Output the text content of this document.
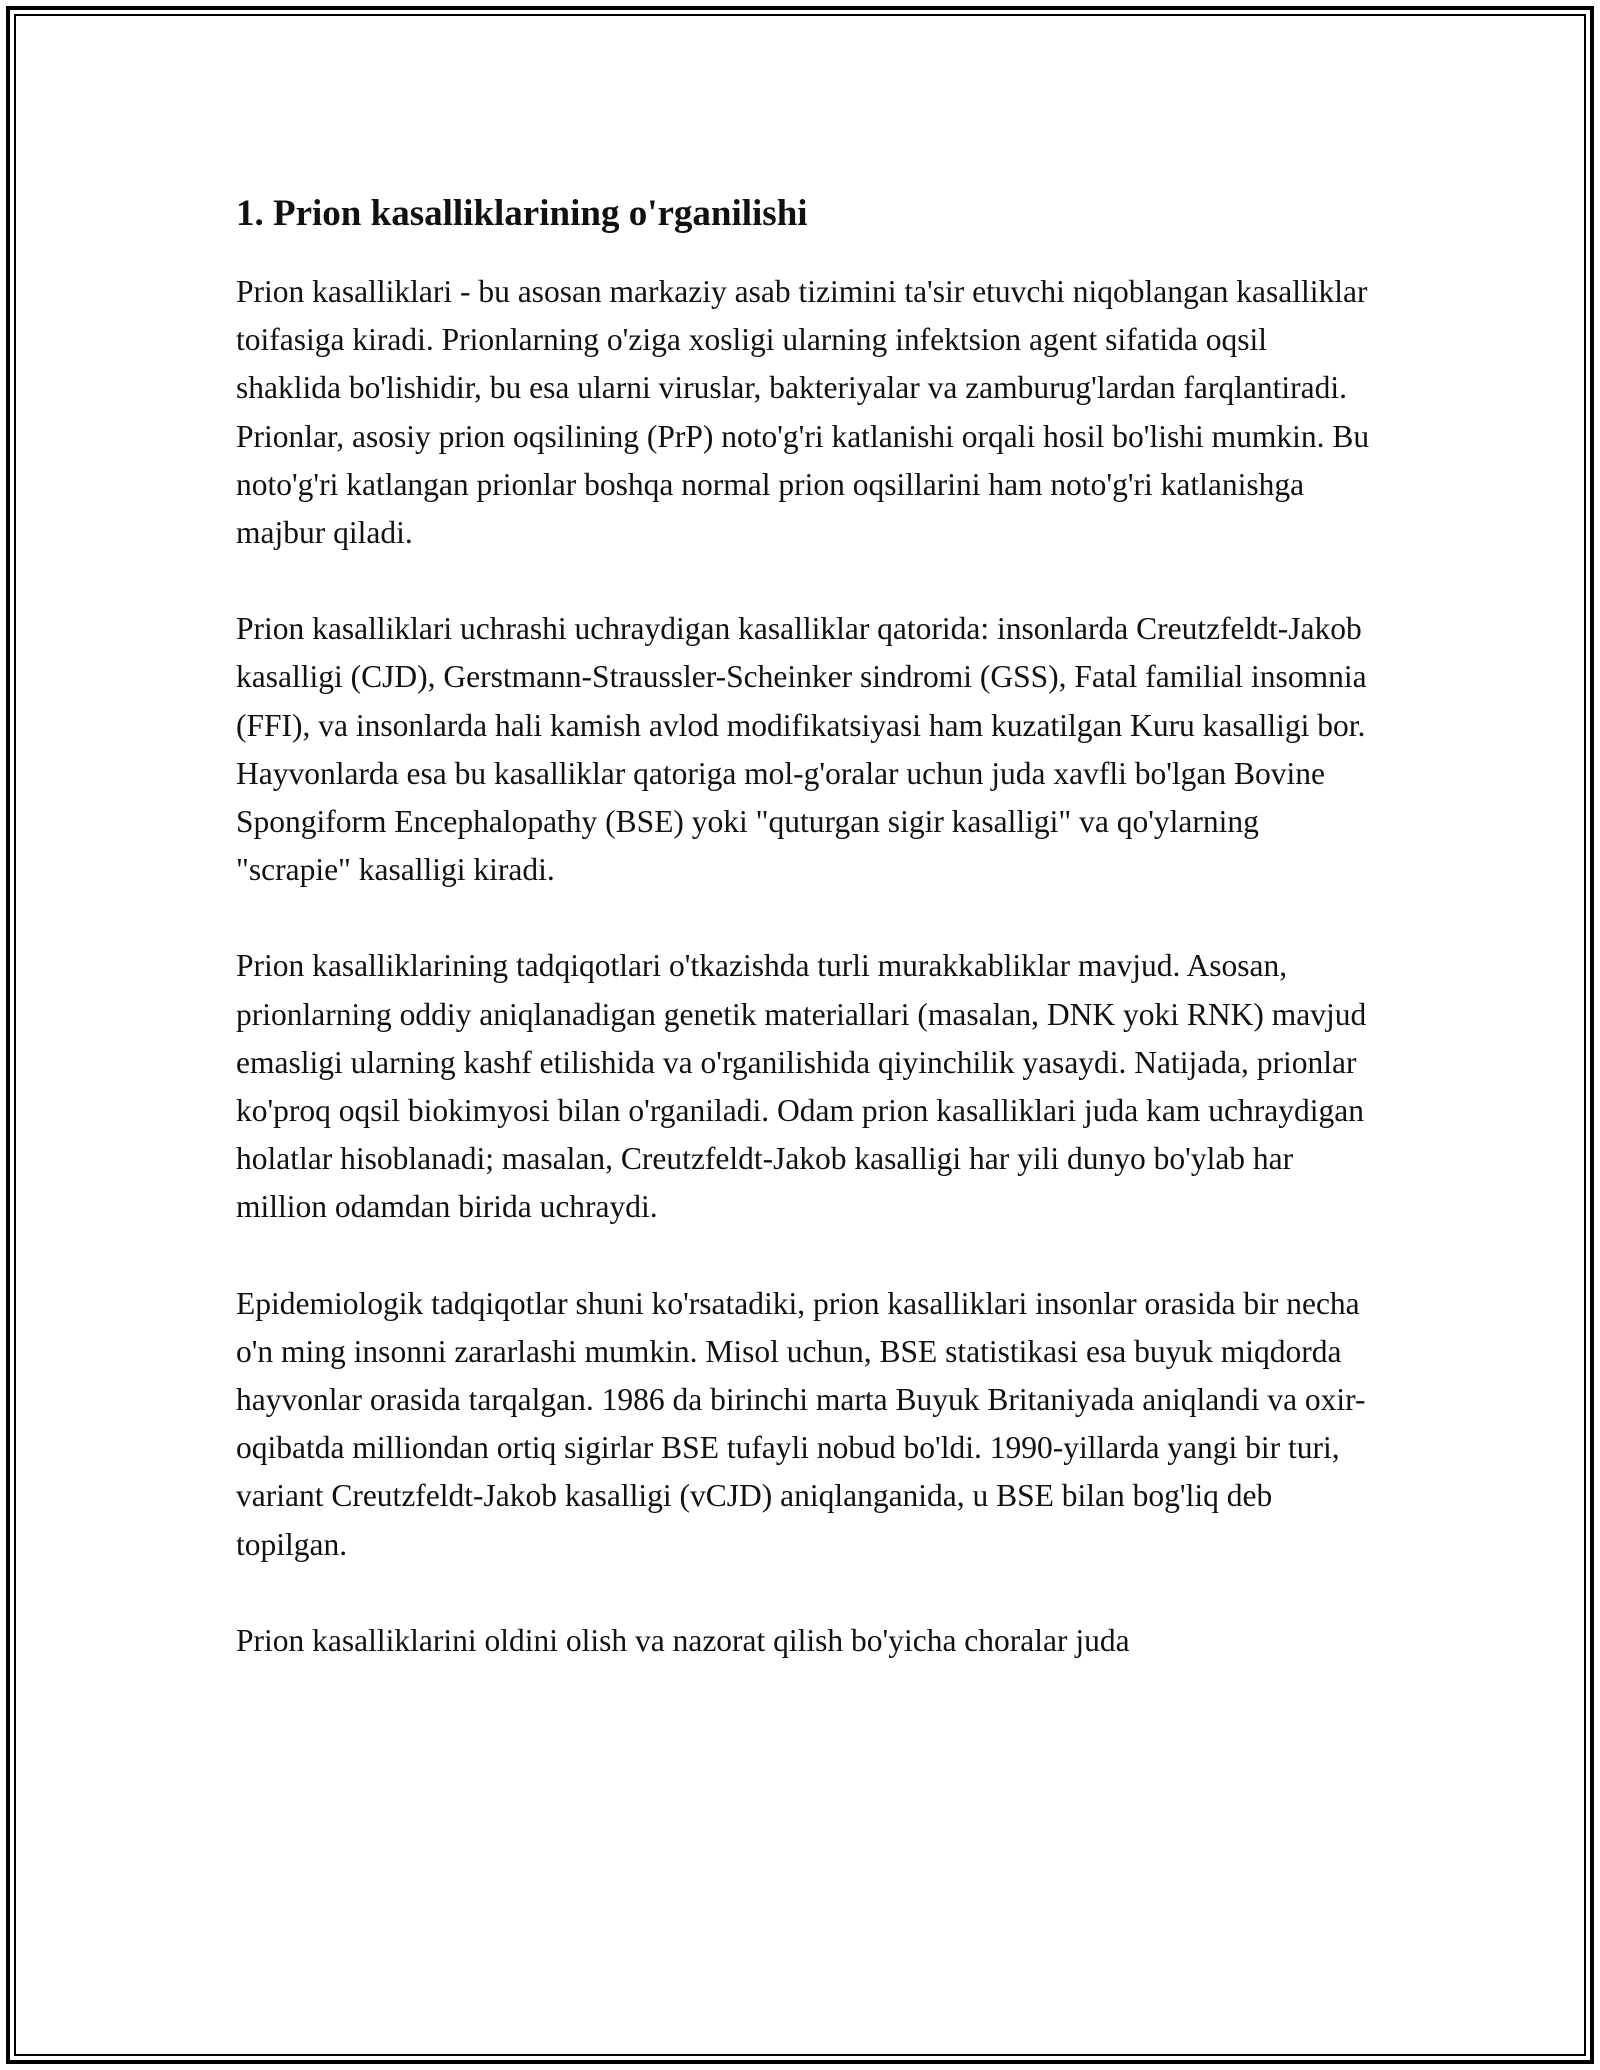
1. Prion kasalliklarining o'rganilishi

Prion kasalliklari - bu asosan markaziy asab tizimini ta'sir etuvchi niqoblangan kasalliklar toifasiga kiradi. Prionlarning o'ziga xosligi ularning infektsion agent sifatida oqsil shaklida bo'lishidir, bu esa ularni viruslar, bakteriyalar va zamburug'lardan farqlantiradi. Prionlar, asosiy prion oqsilining (PrP) noto'g'ri katlanishi orqali hosil bo'lishi mumkin. Bu noto'g'ri katlangan prionlar boshqa normal prion oqsillarini ham noto'g'ri katlanishga majbur qiladi.

Prion kasalliklari uchrashi uchraydigan kasalliklar qatorida: insonlarda Creutzfeldt-Jakob kasalligi (CJD), Gerstmann-Straussler-Scheinker sindromi (GSS), Fatal familial insomnia (FFI), va insonlarda hali kamish avlod modifikatsiyasi ham kuzatilgan Kuru kasalligi bor. Hayvonlarda esa bu kasalliklar qatoriga mol-g'oralar uchun juda xavfli bo'lgan Bovine Spongiform Encephalopathy (BSE) yoki "quturgan sigir kasalligi" va qo'ylarning "scrapie" kasalligi kiradi.

Prion kasalliklarining tadqiqotlari o'tkazishda turli murakkabliklar mavjud. Asosan, prionlarning oddiy aniqlanadigan genetik materiallari (masalan, DNK yoki RNK) mavjud emasligi ularning kashf etilishida va o'rganilishida qiyinchilik yasaydi. Natijada, prionlar ko'proq oqsil biokimyosi bilan o'rganiladi. Odam prion kasalliklari juda kam uchraydigan holatlar hisoblanadi; masalan, Creutzfeldt-Jakob kasalligi har yili dunyo bo'ylab har million odamdan birida uchraydi.

Epidemiologik tadqiqotlar shuni ko'rsatadiki, prion kasalliklari insonlar orasida bir necha o'n ming insonni zararlashi mumkin. Misol uchun, BSE statistikasi esa buyuk miqdorda hayvonlar orasida tarqalgan. 1986 da birinchi marta Buyuk Britaniyada aniqlandi va oxir-oqibatda milliondan ortiq sigirlar BSE tufayli nobud bo'ldi. 1990-yillarda yangi bir turi, variant Creutzfeldt-Jakob kasalligi (vCJD) aniqlanganida, u BSE bilan bog'liq deb topilgan.

Prion kasalliklarini oldini olish va nazorat qilish bo'yicha choralar juda
